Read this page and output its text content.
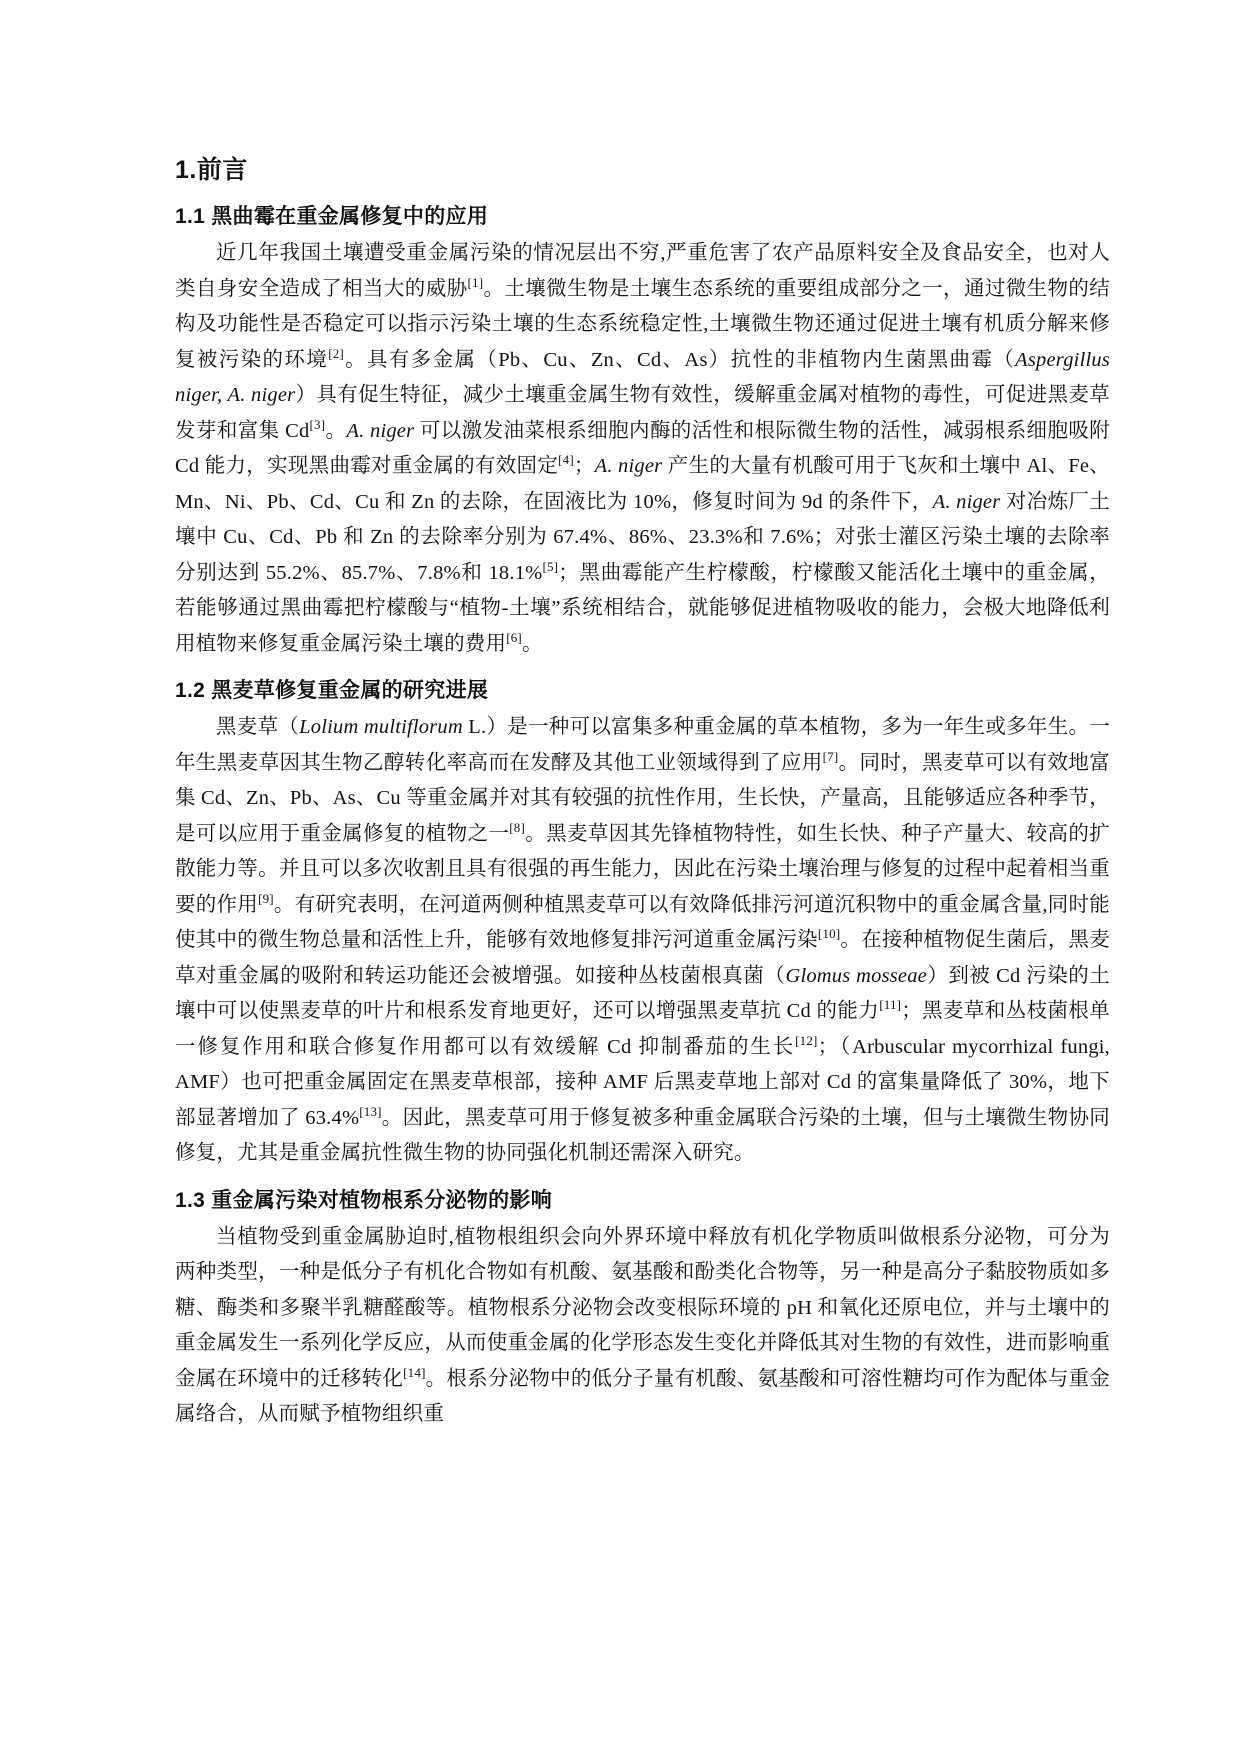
1.前言
1.1 黑曲霉在重金属修复中的应用

近几年我国土壤遭受重金属污染的情况层出不穷,严重危害了农产品原料安全及食品安全，也对人类自身安全造成了相当大的威胁[1]。土壤微生物是土壤生态系统的重要组成部分之一，通过微生物的结构及功能性是否稳定可以指示污染土壤的生态系统稳定性,土壤微生物还通过促进土壤有机质分解来修复被污染的环境[2]。具有多金属（Pb、Cu、Zn、Cd、As）抗性的非植物内生菌黑曲霉（Aspergillus niger, A. niger）具有促生特征，减少土壤重金属生物有效性，缓解重金属对植物的毒性，可促进黑麦草发芽和富集 Cd[3]。A. niger 可以激发油菜根系细胞内酶的活性和根际微生物的活性，减弱根系细胞吸附 Cd 能力，实现黑曲霉对重金属的有效固定[4]；A. niger 产生的大量有机酸可用于飞灰和土壤中 Al、Fe、Mn、Ni、Pb、Cd、Cu 和 Zn 的去除，在固液比为 10%，修复时间为 9d 的条件下，A. niger 对冶炼厂土壤中 Cu、Cd、Pb 和 Zn 的去除率分别为 67.4%、86%、23.3%和 7.6%；对张士灌区污染土壤的去除率分别达到 55.2%、85.7%、7.8%和 18.1%[5]；黑曲霉能产生柠檬酸，柠檬酸又能活化土壤中的重金属，若能够通过黑曲霉把柠檬酸与“植物-土壤”系统相结合，就能够促进植物吸收的能力，会极大地降低利用植物来修复重金属污染土壤的费用[6]。

1.2 黑麦草修复重金属的研究进展

黑麦草（Lolium multiflorum L.）是一种可以富集多种重金属的草本植物，多为一年生或多年生。一年生黑麦草因其生物乙醇转化率高而在发酵及其他工业领域得到了应用[7]。同时，黑麦草可以有效地富集 Cd、Zn、Pb、As、Cu 等重金属并对其有较强的抗性作用，生长快，产量高，且能够适应各种季节，是可以应用于重金属修复的植物之一[8]。黑麦草因其先锋植物特性，如生长快、种子产量大、较高的扩散能力等。并且可以多次收割且具有很强的再生能力，因此在污染土壤治理与修复的过程中起着相当重要的作用[9]。有研究表明，在河道两侧种植黑麦草可以有效降低排污河道沉积物中的重金属含量,同时能使其中的微生物总量和活性上升，能够有效地修复排污河道重金属污染[10]。在接种植物促生菌后，黑麦草对重金属的吸附和转运功能还会被增强。如接种丛枝菌根真菌（Glomus mosseae）到被 Cd 污染的土壤中可以使黑麦草的叶片和根系发育地更好，还可以增强黑麦草抗 Cd 的能力[11]；黑麦草和丛枝菌根单一修复作用和联合修复作用都可以有效缓解 Cd 抑制番茄的生长[12]；（Arbuscular mycorrhizal fungi, AMF）也可把重金属固定在黑麦草根部，接种 AMF 后黑麦草地上部对 Cd 的富集量降低了 30%，地下部显著增加了 63.4%[13]。因此，黑麦草可用于修复被多种重金属联合污染的土壤，但与土壤微生物协同修复，尤其是重金属抗性微生物的协同强化机制还需深入研究。

1.3 重金属污染对植物根系分泌物的影响

当植物受到重金属胁迫时,植物根组织会向外界环境中释放有机化学物质叫做根系分泌物，可分为两种类型，一种是低分子有机化合物如有机酸、氨基酸和酚类化合物等，另一种是高分子黏胶物质如多糖、酶类和多聚半乳糖醛酸等。植物根系分泌物会改变根际环境的 pH 和氧化还原电位，并与土壤中的重金属发生一系列化学反应，从而使重金属的化学形态发生变化并降低其对生物的有效性，进而影响重金属在环境中的迁移转化[14]。根系分泌物中的低分子量有机酸、氨基酸和可溶性糖均可作为配体与重金属络合，从而赋予植物组织重
